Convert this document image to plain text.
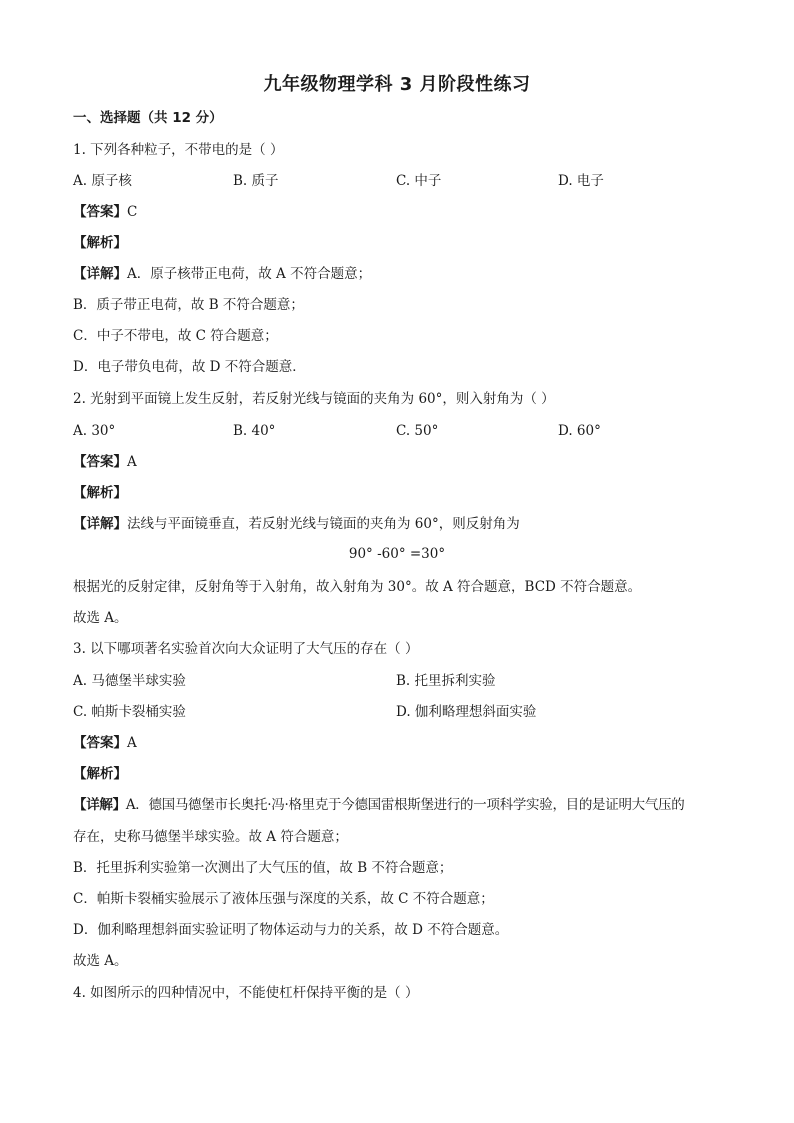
九年级物理学科 3 月阶段性练习
一、选择题（共 12 分）
1. 下列各种粒子，不带电的是（ ）
A. 原子核	B. 质子	C. 中子	D. 电子
【答案】C
【解析】
【详解】A．原子核带正电荷，故 A 不符合题意；
B．质子带正电荷，故 B 不符合题意；
C．中子不带电，故 C 符合题意；
D．电子带负电荷，故 D 不符合题意．
2. 光射到平面镜上发生反射，若反射光线与镜面的夹角为 60°，则入射角为（ ）
A. 30°	B. 40°	C. 50°	D. 60°
【答案】A
【解析】
【详解】法线与平面镜垂直，若反射光线与镜面的夹角为 60°，则反射角为
90° -60° =30°
根据光的反射定律，反射角等于入射角，故入射角为 30°。故 A 符合题意，BCD 不符合题意。
故选 A。
3. 以下哪项著名实验首次向大众证明了大气压的存在（ ）
A. 马德堡半球实验	B. 托里拆利实验
C. 帕斯卡裂桶实验	D. 伽利略理想斜面实验
【答案】A
【解析】
【详解】A．德国马德堡市长奥托·冯·格里克于今德国雷根斯堡进行的一项科学实验，目的是证明大气压的
存在，史称马德堡半球实验。故 A 符合题意；
B．托里拆利实验第一次测出了大气压的值，故 B 不符合题意；
C．帕斯卡裂桶实验展示了液体压强与深度的关系，故 C 不符合题意；
D．伽利略理想斜面实验证明了物体运动与力的关系，故 D 不符合题意。
故选 A。
4. 如图所示的四种情况中，不能使杠杆保持平衡的是（ ）
